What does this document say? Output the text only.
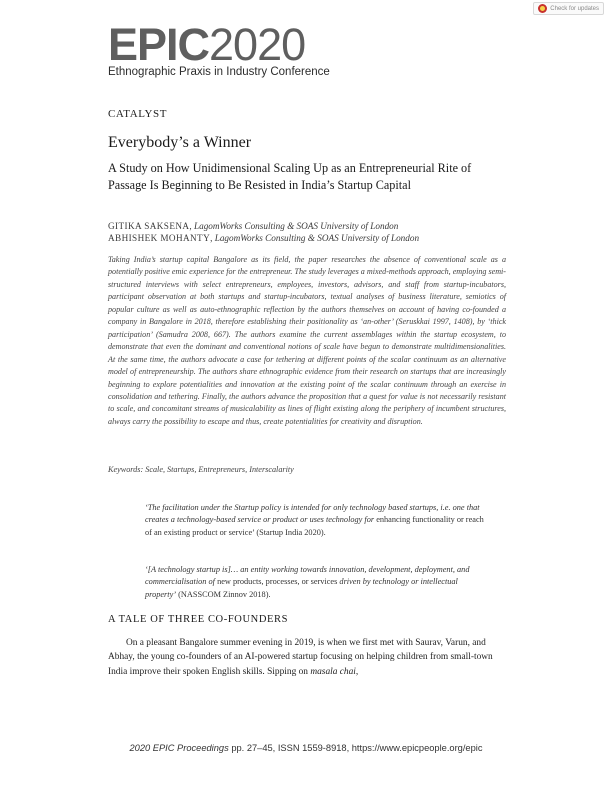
Check for updates
EPIC2020
Ethnographic Praxis in Industry Conference
CATALYST
Everybody’s a Winner
A Study on How Unidimensional Scaling Up as an Entrepreneurial Rite of Passage Is Beginning to Be Resisted in India’s Startup Capital
GITIKA SAKSENA, LagomWorks Consulting & SOAS University of London
ABHISHEK MOHANTY, LagomWorks Consulting & SOAS University of London

Taking India’s startup capital Bangalore as its field, the paper researches the absence of conventional scale as a potentially positive emic experience for the entrepreneur. The study leverages a mixed-methods approach, employing semi-structured interviews with select entrepreneurs, employees, investors, advisors, and staff from startup-incubators, participant observation at both startups and startup-incubators, textual analyses of business literature, semiotics of popular culture as well as auto-ethnographic reflection by the authors themselves on account of having co-founded a company in Bangalore in 2018, therefore establishing their positionality as ‘an-other’ (Seruskkai 1997, 1408), by ‘thick participation’ (Samudra 2008, 667). The authors examine the current assemblages within the startup ecosystem, to demonstrate that even the dominant and conventional notions of scale have begun to demonstrate multidimensionalities. At the same time, the authors advocate a case for tethering at different points of the scalar continuum as an alternative model of entrepreneurship. The authors share ethnographic evidence from their research on startups that are increasingly beginning to explore potentialities and innovation at the existing point of the scalar continuum through an exercise in consolidation and tethering. Finally, the authors advance the proposition that a quest for value is not necessarily resistant to scale, and concomitant streams of musicalability as lines of flight existing along the periphery of incumbent structures, always carry the possibility to escape and thus, create potentialities for creativity and disruption.

Keywords: Scale, Startups, Entrepreneurs, Interscalarity

‘The facilitation under the Startup policy is intended for only technology based startups, i.e. one that creates a technology-based service or product or uses technology for enhancing functionality or reach of an existing product or service’ (Startup India 2020).

‘[A technology startup is]… an entity working towards innovation, development, deployment, and commercialisation of new products, processes, or services driven by technology or intellectual property’ (NASSCOM Zinnov 2018).

A TALE OF THREE CO-FOUNDERS

On a pleasant Bangalore summer evening in 2019, is when we first met with Saurav, Varun, and Abhay, the young co-founders of an AI-powered startup focusing on helping children from small-town India improve their spoken English skills. Sipping on masala chai,

2020 EPIC Proceedings pp. 27–45, ISSN 1559-8918, https://www.epicpeople.org/epic
